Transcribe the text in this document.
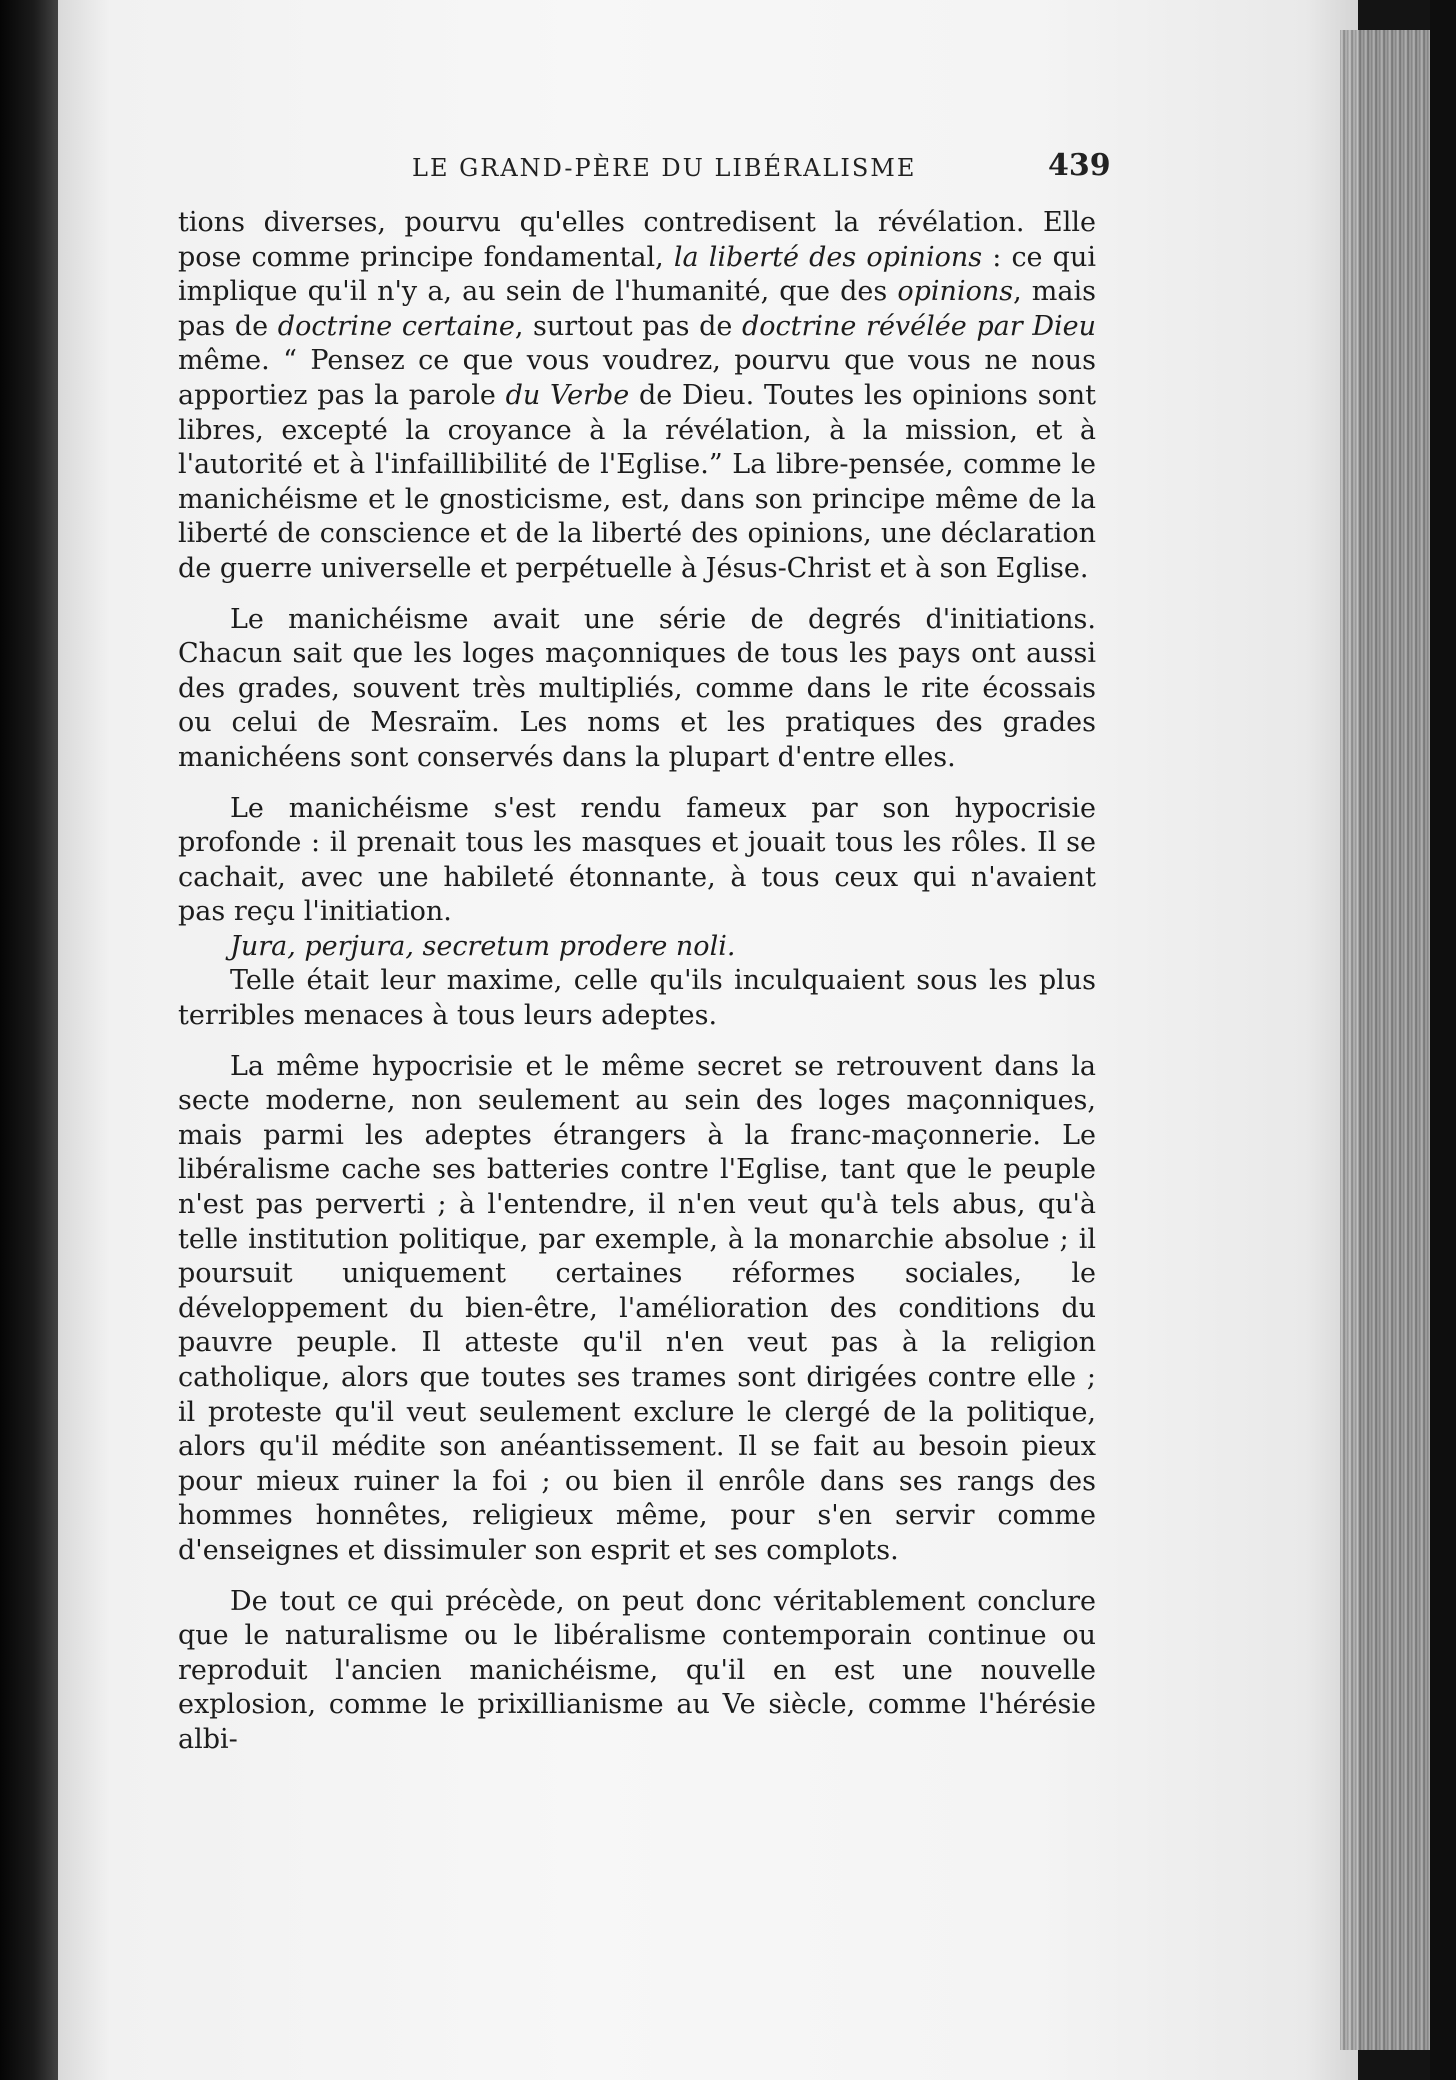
LE GRAND-PÈRE DU LIBÉRALISME	439

tions diverses, pourvu qu'elles contredisent la révélation. Elle pose comme principe fondamental, la liberté des opinions : ce qui implique qu'il n'y a, au sein de l'humanité, que des opinions, mais pas de doctrine certaine, surtout pas de doctrine révélée par Dieu même. “ Pensez ce que vous voudrez, pourvu que vous ne nous apportiez pas la parole du Verbe de Dieu. Toutes les opinions sont libres, excepté la croyance à la révélation, à la mission, et à l'autorité et à l'infaillibilité de l'Eglise.” La libre-pensée, comme le manichéisme et le gnosticisme, est, dans son principe même de la liberté de conscience et de la liberté des opinions, une déclaration de guerre universelle et perpétuelle à Jésus-Christ et à son Eglise.

Le manichéisme avait une série de degrés d'initiations. Chacun sait que les loges maçonniques de tous les pays ont aussi des grades, souvent très multipliés, comme dans le rite écossais ou celui de Mesraïm. Les noms et les pratiques des grades manichéens sont conservés dans la plupart d'entre elles.

Le manichéisme s'est rendu fameux par son hypocrisie profonde : il prenait tous les masques et jouait tous les rôles. Il se cachait, avec une habileté étonnante, à tous ceux qui n'avaient pas reçu l'initiation.

Jura, perjura, secretum prodere noli.

Telle était leur maxime, celle qu'ils inculquaient sous les plus terribles menaces à tous leurs adeptes.

La même hypocrisie et le même secret se retrouvent dans la secte moderne, non seulement au sein des loges maçonniques, mais parmi les adeptes étrangers à la franc-maçonnerie. Le libéralisme cache ses batteries contre l'Eglise, tant que le peuple n'est pas perverti ; à l'entendre, il n'en veut qu'à tels abus, qu'à telle institution politique, par exemple, à la monarchie absolue ; il poursuit uniquement certaines réformes sociales, le développement du bien-être, l'amélioration des conditions du pauvre peuple. Il atteste qu'il n'en veut pas à la religion catholique, alors que toutes ses trames sont dirigées contre elle ; il proteste qu'il veut seulement exclure le clergé de la politique, alors qu'il médite son anéantissement. Il se fait au besoin pieux pour mieux ruiner la foi ; ou bien il enrôle dans ses rangs des hommes honnêtes, religieux même, pour s'en servir comme d'enseignes et dissimuler son esprit et ses complots.

De tout ce qui précède, on peut donc véritablement conclure que le naturalisme ou le libéralisme contemporain continue ou reproduit l'ancien manichéisme, qu'il en est une nouvelle explosion, comme le prixillianisme au Ve siècle, comme l'hérésie albi-
